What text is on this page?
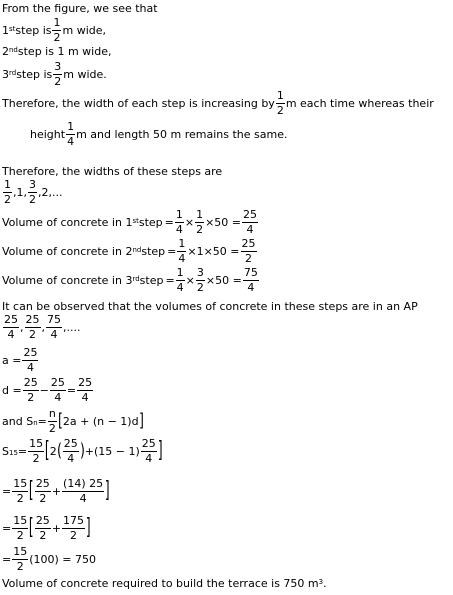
From the figure, we see that
1st step is $\frac{1}{2}$ m wide,
2nd step is 1 m wide,
3rd step is $\frac{3}{2}$ m wide.
Therefore, the width of each step is increasing by $\frac{1}{2}$ m each time whereas their
height $\frac{1}{4}$ m and length 50 m remains the same.
Therefore, the widths of these steps are
$\frac{1}{2} ,1$, $\frac{3}{2} ,2$,...
Volume of concrete in 1st step = $\frac{1}{4} \times \frac{1}{2} \times 50 = \frac{25}{4}$
Volume of concrete in 2nd step = $\frac{1}{4} \times 1\times 50 = \frac{25}{2}$
Volume of concrete in 3rd step = $\frac{1}{4} \times \frac{3}{2} \times 50 = \frac{75}{4}$
It can be observed that the volumes of concrete in these steps are in an AP
$\frac{25}{4}$ , $\frac{25}{2}$ , $\frac{75}{4}$ ,....
$a = \frac{25}{4}$
$d = \frac{25}{2} - \frac{25}{4} = \frac{25}{4}$
and $S_n = \frac{n}{2}$ [ 2a + (n − 1)d ]
$S_{15} = \frac{15}{2}$ [ 2 ( $\frac{25}{4}$ ) $+(15 - 1) \frac{25}{4}$ ]
= $\frac{15}{2}$ [ $\frac{25}{2} + \frac{(14) 25}{4}$ ]
= $\frac{15}{2}$ [ $\frac{25}{2} + \frac{175}{2}$ ]
= $\frac{15}{2} (100) = 750$
Volume of concrete required to build the terrace is 750 $m^3$ .
